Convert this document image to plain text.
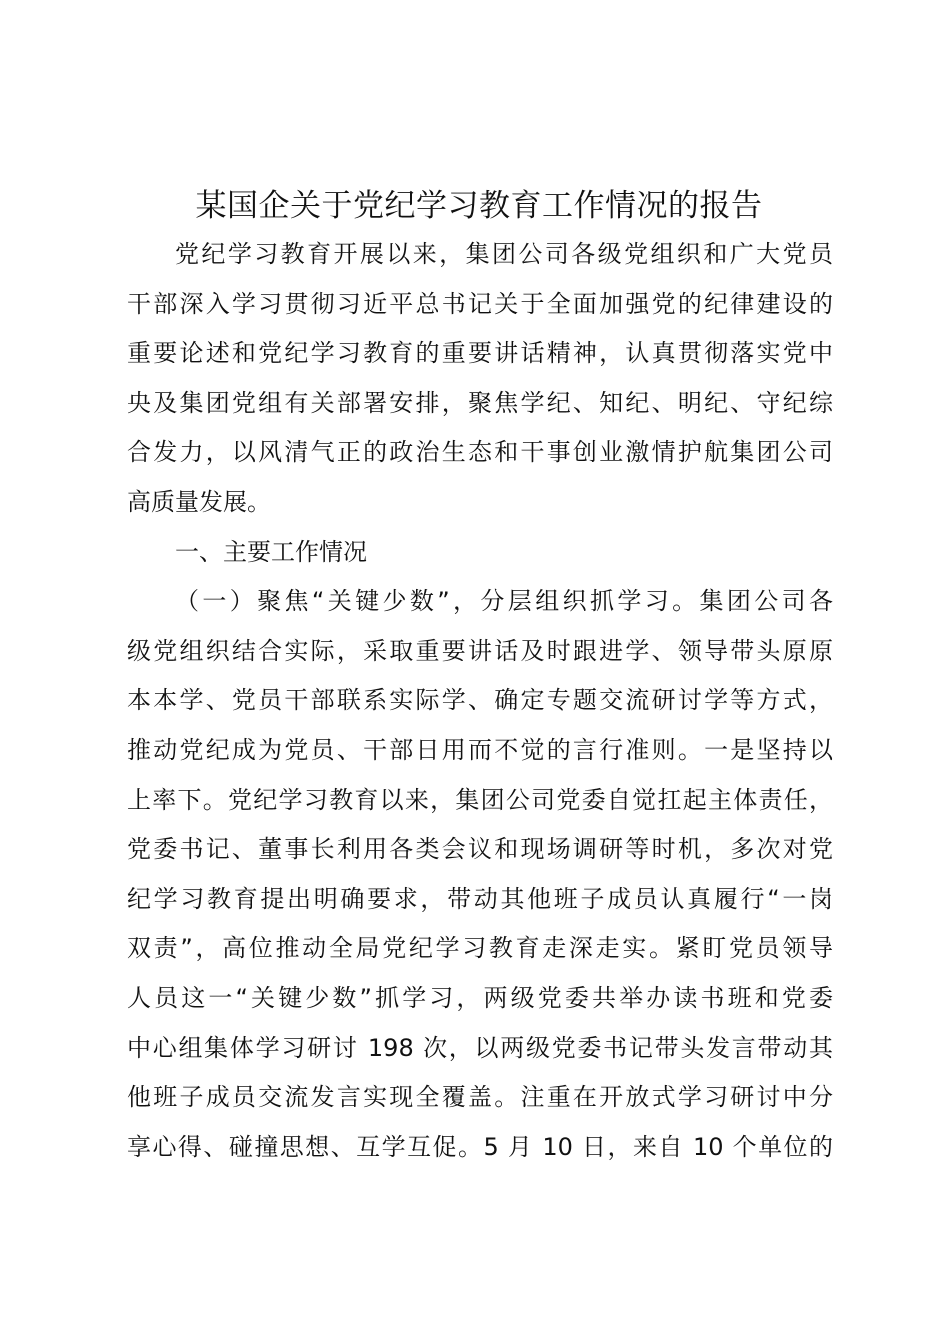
某国企关于党纪学习教育工作情况的报告
党纪学习教育开展以来，集团公司各级党组织和广大党员
干部深入学习贯彻习近平总书记关于全面加强党的纪律建设的
重要论述和党纪学习教育的重要讲话精神，认真贯彻落实党中
央及集团党组有关部署安排，聚焦学纪、知纪、明纪、守纪综
合发力，以风清气正的政治生态和干事创业激情护航集团公司
高质量发展。
一、主要工作情况
（一）聚焦“关键少数”，分层组织抓学习。集团公司各
级党组织结合实际，采取重要讲话及时跟进学、领导带头原原
本本学、党员干部联系实际学、确定专题交流研讨学等方式，
推动党纪成为党员、干部日用而不觉的言行准则。一是坚持以
上率下。党纪学习教育以来，集团公司党委自觉扛起主体责任，
党委书记、董事长利用各类会议和现场调研等时机，多次对党
纪学习教育提出明确要求，带动其他班子成员认真履行“一岗
双责”，高位推动全局党纪学习教育走深走实。紧盯党员领导
人员这一“关键少数”抓学习，两级党委共举办读书班和党委
中心组集体学习研讨 198 次，以两级党委书记带头发言带动其
他班子成员交流发言实现全覆盖。注重在开放式学习研讨中分
享心得、碰撞思想、互学互促。5 月 10 日，来自 10 个单位的
